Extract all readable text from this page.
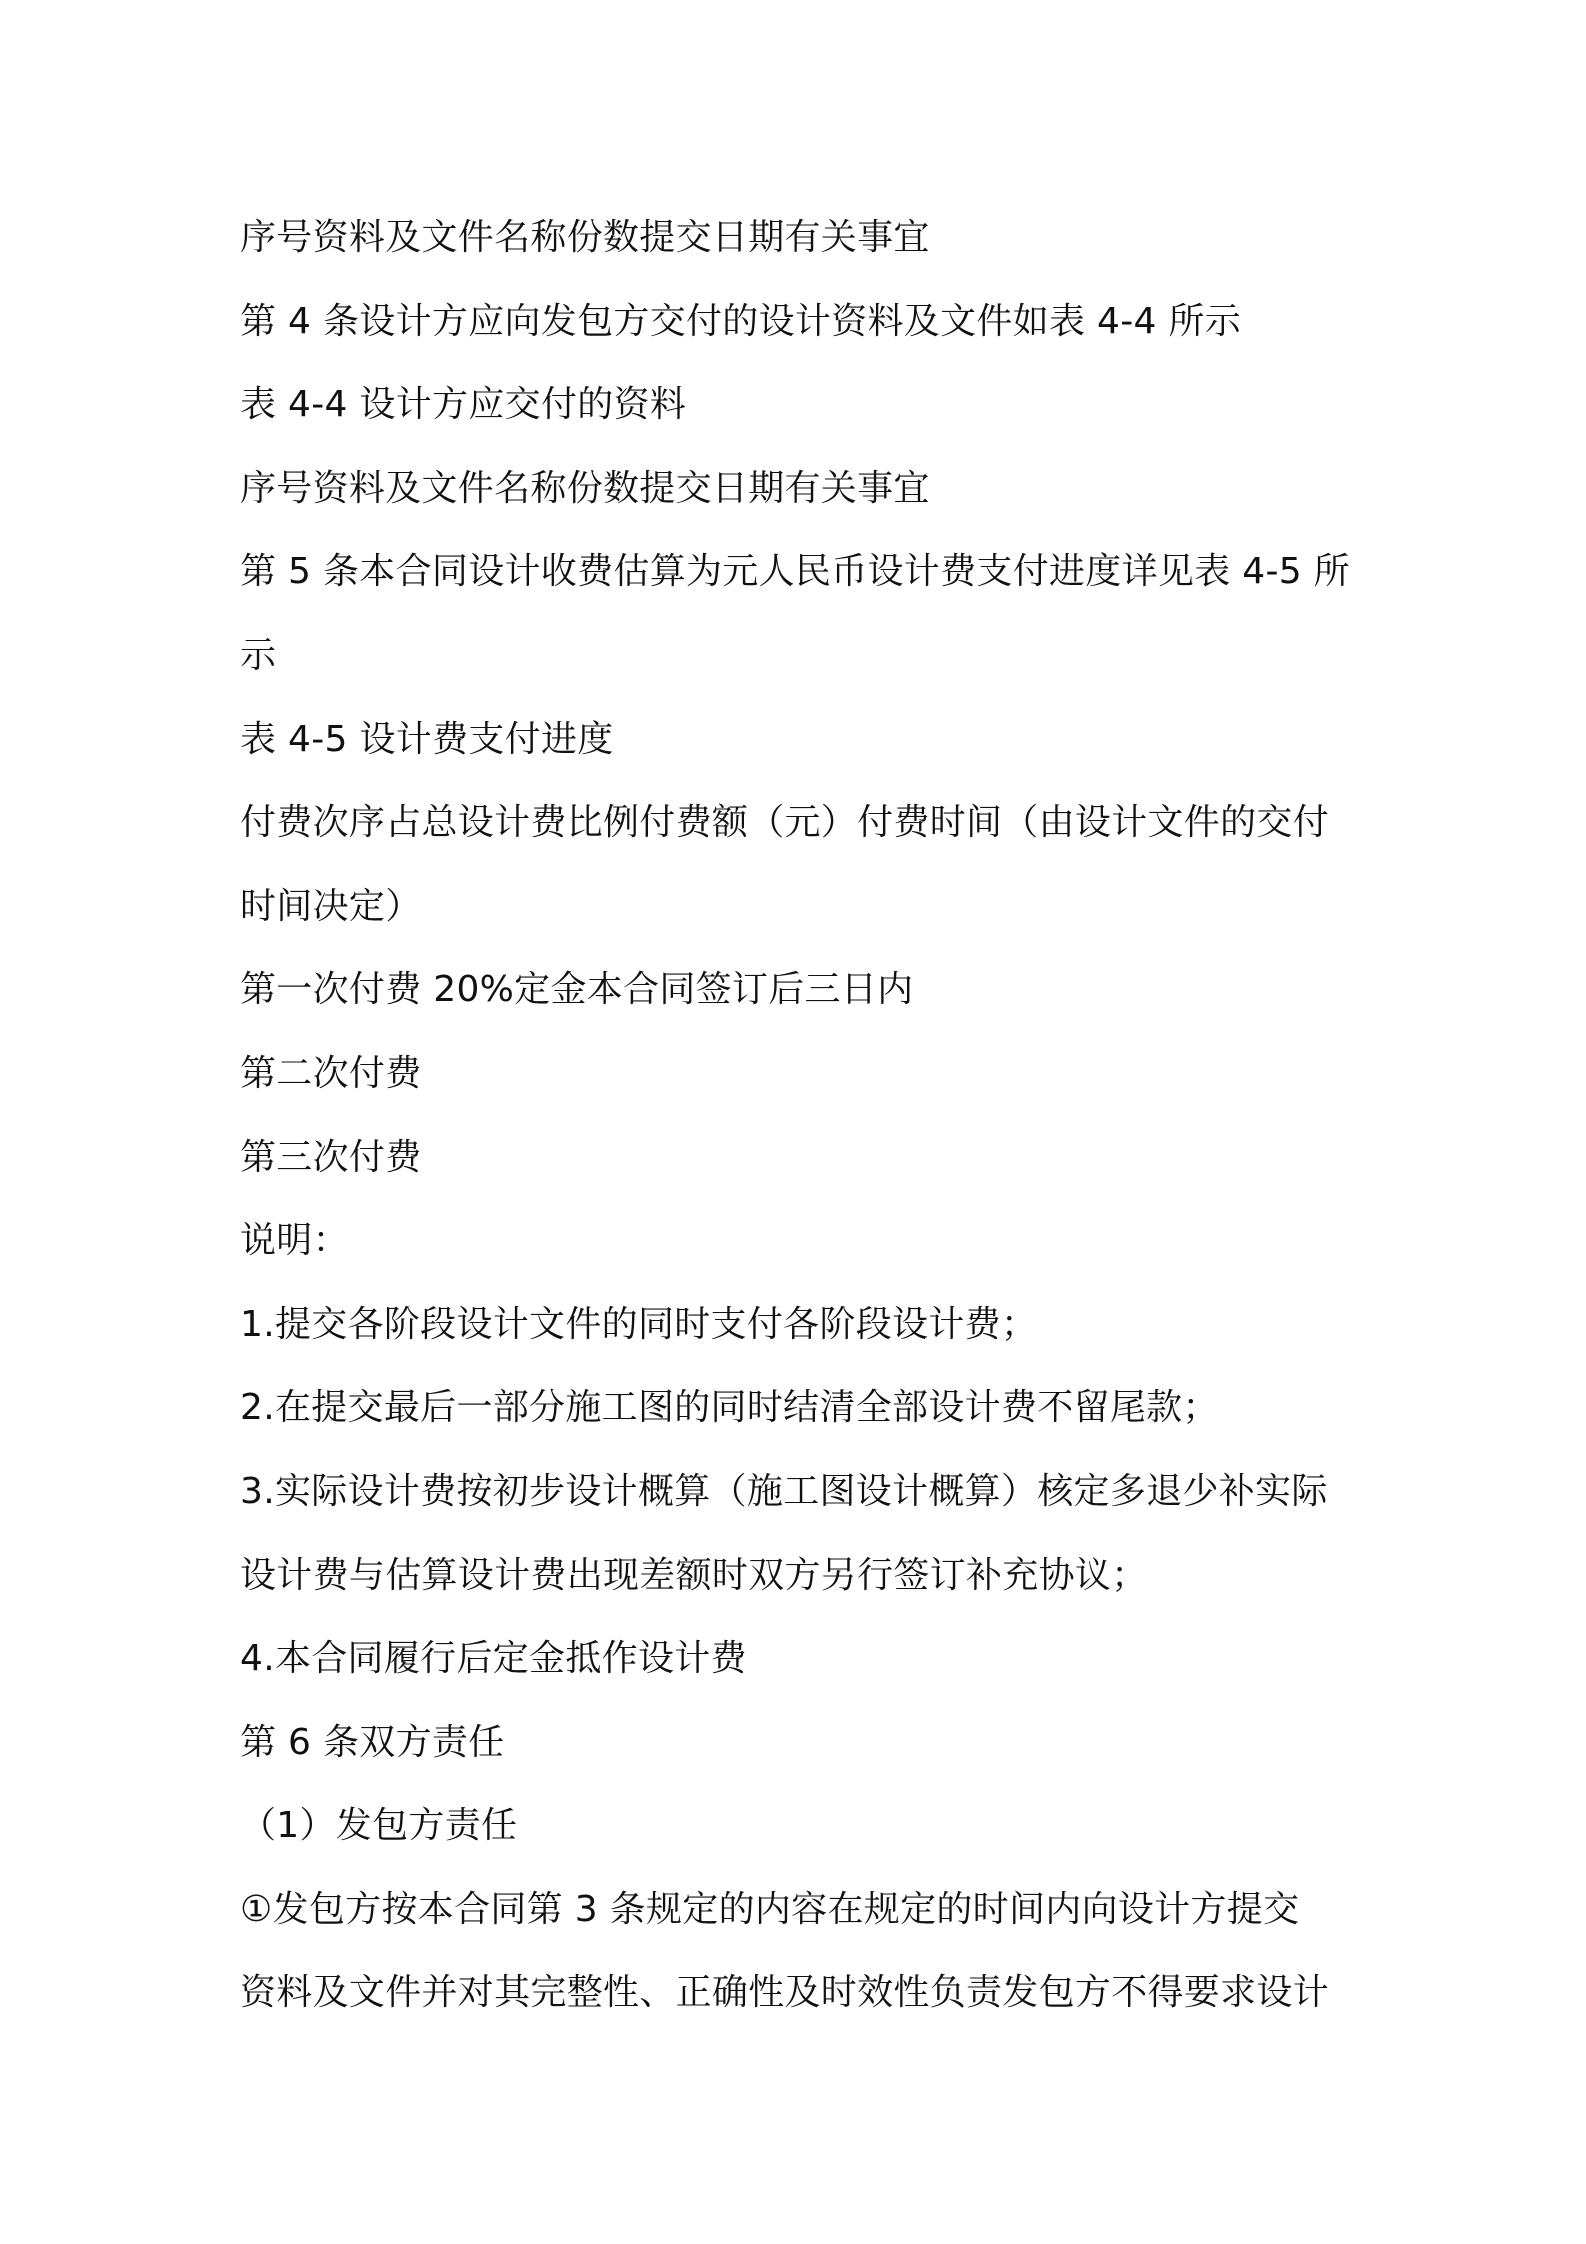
序号资料及文件名称份数提交日期有关事宜
第 4 条设计方应向发包方交付的设计资料及文件如表 4-4 所示
表 4-4 设计方应交付的资料
序号资料及文件名称份数提交日期有关事宜
第 5 条本合同设计收费估算为元人民币设计费支付进度详见表 4-5 所
示
表 4-5 设计费支付进度
付费次序占总设计费比例付费额（元）付费时间（由设计文件的交付
时间决定）
第一次付费 20%定金本合同签订后三日内
第二次付费
第三次付费
说明：
1.提交各阶段设计文件的同时支付各阶段设计费；
2.在提交最后一部分施工图的同时结清全部设计费不留尾款；
3.实际设计费按初步设计概算（施工图设计概算）核定多退少补实际
设计费与估算设计费出现差额时双方另行签订补充协议；
4.本合同履行后定金抵作设计费
第 6 条双方责任
（1）发包方责任
①发包方按本合同第 3 条规定的内容在规定的时间内向设计方提交
资料及文件并对其完整性、正确性及时效性负责发包方不得要求设计
